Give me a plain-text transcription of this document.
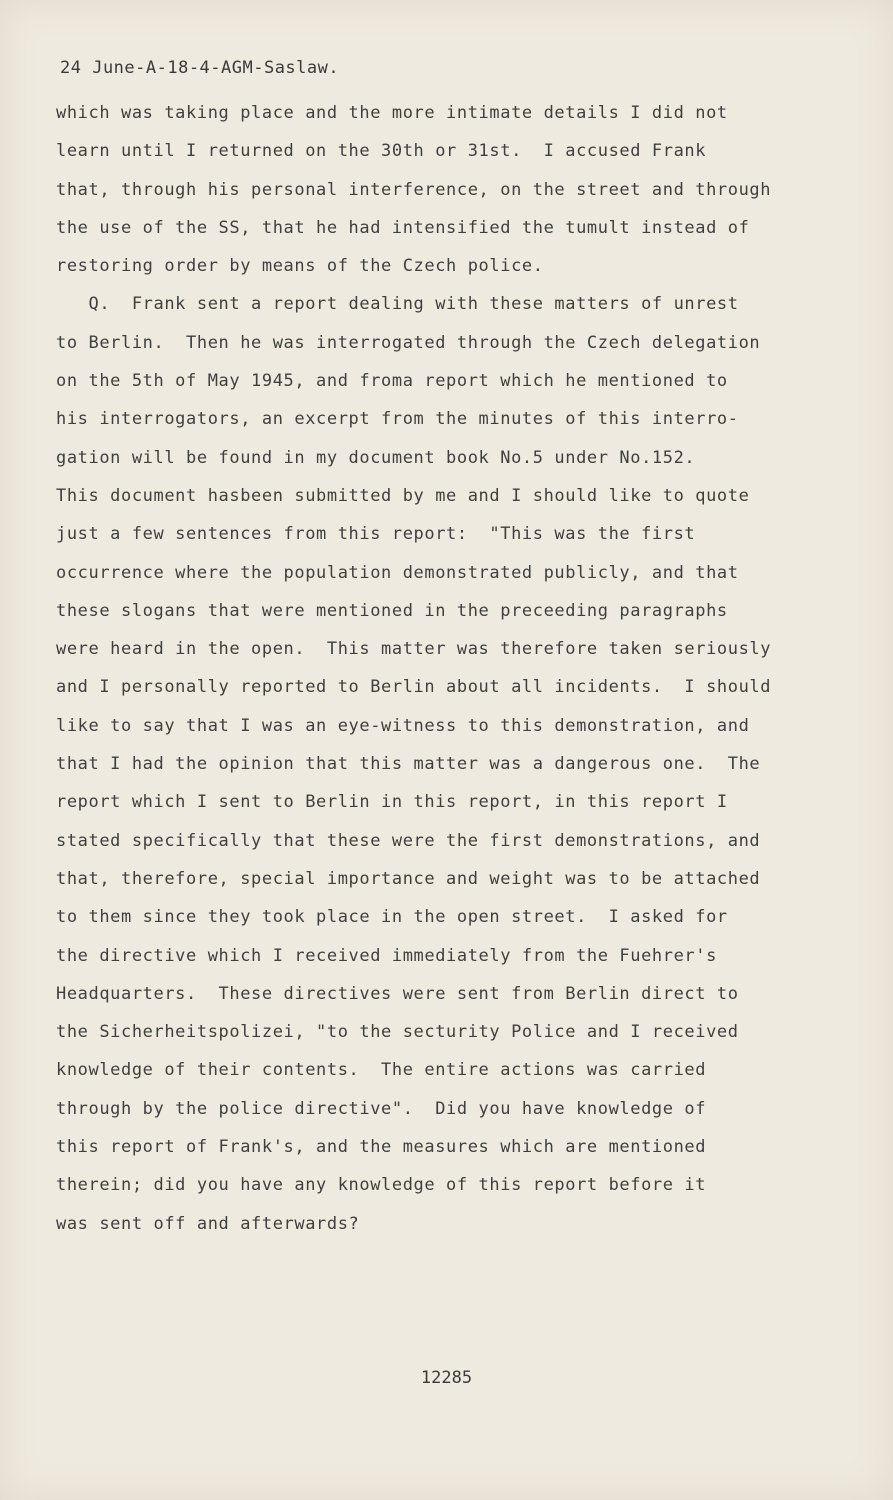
24 June-A-18-4-AGM-Saslaw.
which was taking place and the more intimate details I did not
learn until I returned on the 30th or 31st.  I accused Frank
that, through his personal interference, on the street and through
the use of the SS, that he had intensified the tumult instead of
restoring order by means of the Czech police.
Q.  Frank sent a report dealing with these matters of unrest
to Berlin.  Then he was interrogated through the Czech delegation
on the 5th of May 1945, and froma report which he mentioned to
his interrogators, an excerpt from the minutes of this interro-
gation will be found in my document book No.5 under No.152.
This document hasbeen submitted by me and I should like to quote
just a few sentences from this report:  "This was the first
occurrence where the population demonstrated publicly, and that
these slogans that were mentioned in the preceeding paragraphs
were heard in the open.  This matter was therefore taken seriously
and I personally reported to Berlin about all incidents.  I should
like to say that I was an eye-witness to this demonstration, and
that I had the opinion that this matter was a dangerous one.  The
report which I sent to Berlin in this report, in this report I
stated specifically that these were the first demonstrations, and
that, therefore, special importance and weight was to be attached
to them since they took place in the open street.  I asked for
the directive which I received immediately from the Fuehrer's
Headquarters.  These directives were sent from Berlin direct to
the Sicherheitspolizei, "to the secturity Police and I received
knowledge of their contents.  The entire actions was carried
through by the police directive".  Did you have knowledge of
this report of Frank's, and the measures which are mentioned
therein; did you have any knowledge of this report before it
was sent off and afterwards?
12285
